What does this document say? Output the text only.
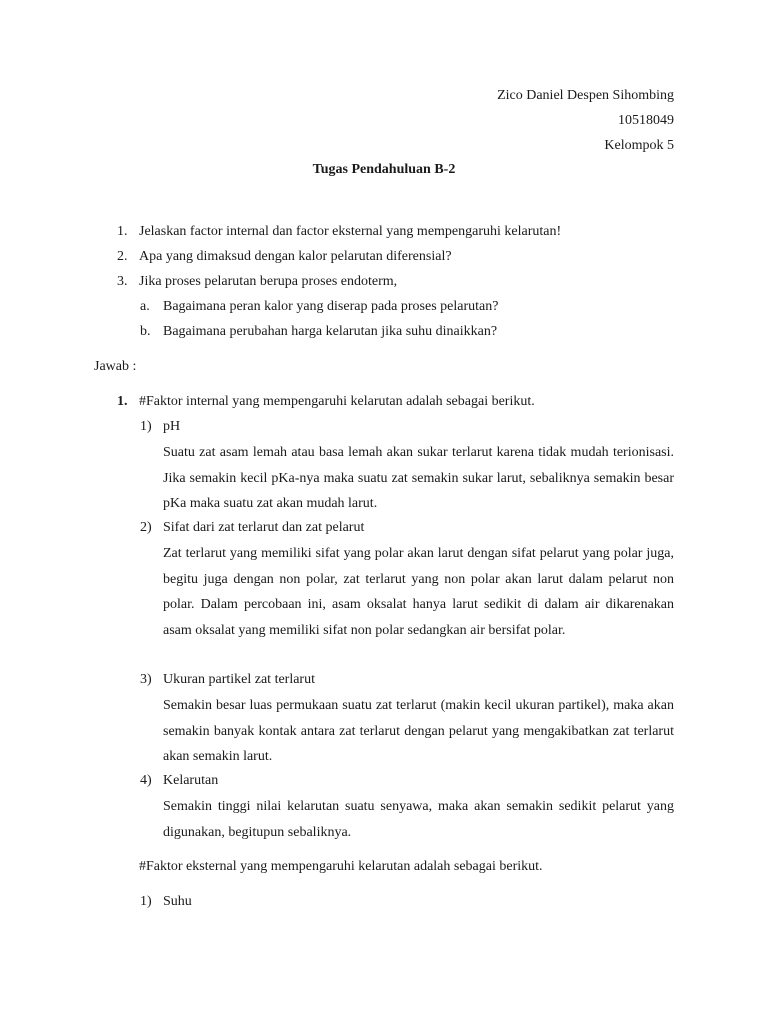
Zico Daniel Despen Sihombing
10518049
Kelompok 5
Tugas Pendahuluan B-2
1. Jelaskan factor internal dan factor eksternal yang mempengaruhi kelarutan!
2. Apa yang dimaksud dengan kalor pelarutan diferensial?
3. Jika proses pelarutan berupa proses endoterm,
a. Bagaimana peran kalor yang diserap pada proses pelarutan?
b. Bagaimana perubahan harga kelarutan jika suhu dinaikkan?
Jawab :
1. #Faktor internal yang mempengaruhi kelarutan adalah sebagai berikut.
1) pH

Suatu zat asam lemah atau basa lemah akan sukar terlarut karena tidak mudah terionisasi. Jika semakin kecil pKa-nya maka suatu zat semakin sukar larut, sebaliknya semakin besar pKa maka suatu zat akan mudah larut.

2) Sifat dari zat terlarut dan zat pelarut

Zat terlarut yang memiliki sifat yang polar akan larut dengan sifat pelarut yang polar juga, begitu juga dengan non polar, zat terlarut yang non polar akan larut dalam pelarut non polar. Dalam percobaan ini, asam oksalat hanya larut sedikit di dalam air dikarenakan asam oksalat yang memiliki sifat non polar sedangkan air bersifat polar.

3) Ukuran partikel zat terlarut

Semakin besar luas permukaan suatu zat terlarut (makin kecil ukuran partikel), maka akan semakin banyak kontak antara zat terlarut dengan pelarut yang mengakibatkan zat terlarut akan semakin larut.

4) Kelarutan

Semakin tinggi nilai kelarutan suatu senyawa, maka akan semakin sedikit pelarut yang digunakan, begitupun sebaliknya.

#Faktor eksternal yang mempengaruhi kelarutan adalah sebagai berikut.
1) Suhu
